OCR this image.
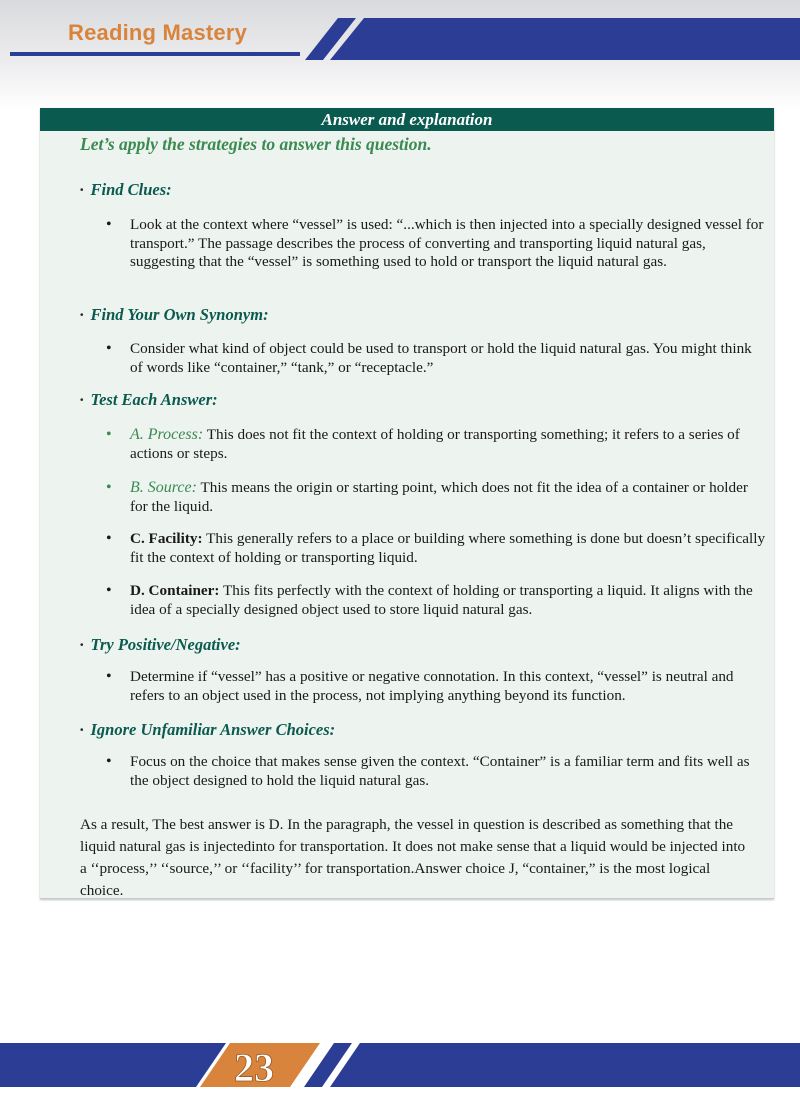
Reading Mastery
Answer and explanation
Let’s apply the strategies to answer this question.
· Find Clues:
• Look at the context where “vessel” is used: “...which is then injected into a specially designed vessel for transport.” The passage describes the process of converting and transporting liquid natural gas, suggesting that the “vessel” is something used to hold or transport the liquid natural gas.
· Find Your Own Synonym:
• Consider what kind of object could be used to transport or hold the liquid natural gas. You might think of words like “container,” “tank,” or “receptacle.”
· Test Each Answer:
• A. Process: This does not fit the context of holding or transporting something; it refers to a series of actions or steps.
• B. Source: This means the origin or starting point, which does not fit the idea of a container or holder for the liquid.
• C. Facility: This generally refers to a place or building where something is done but doesn’t specifically fit the context of holding or transporting liquid.
• D. Container: This fits perfectly with the context of holding or transporting a liquid. It aligns with the idea of a specially designed object used to store liquid natural gas.
· Try Positive/Negative:
• Determine if “vessel” has a positive or negative connotation. In this context, “vessel” is neutral and refers to an object used in the process, not implying anything beyond its function.
· Ignore Unfamiliar Answer Choices:
• Focus on the choice that makes sense given the context. “Container” is a familiar term and fits well as the object designed to hold the liquid natural gas.
As a result, The best answer is D. In the paragraph, the vessel in question is described as something that the liquid natural gas is injectedinto for transportation. It does not make sense that a liquid would be injected into a ‘‘process,’’ ‘‘source,’’ or ‘‘facility’’ for transportation.Answer choice J, “container,” is the most logical choice.
23
